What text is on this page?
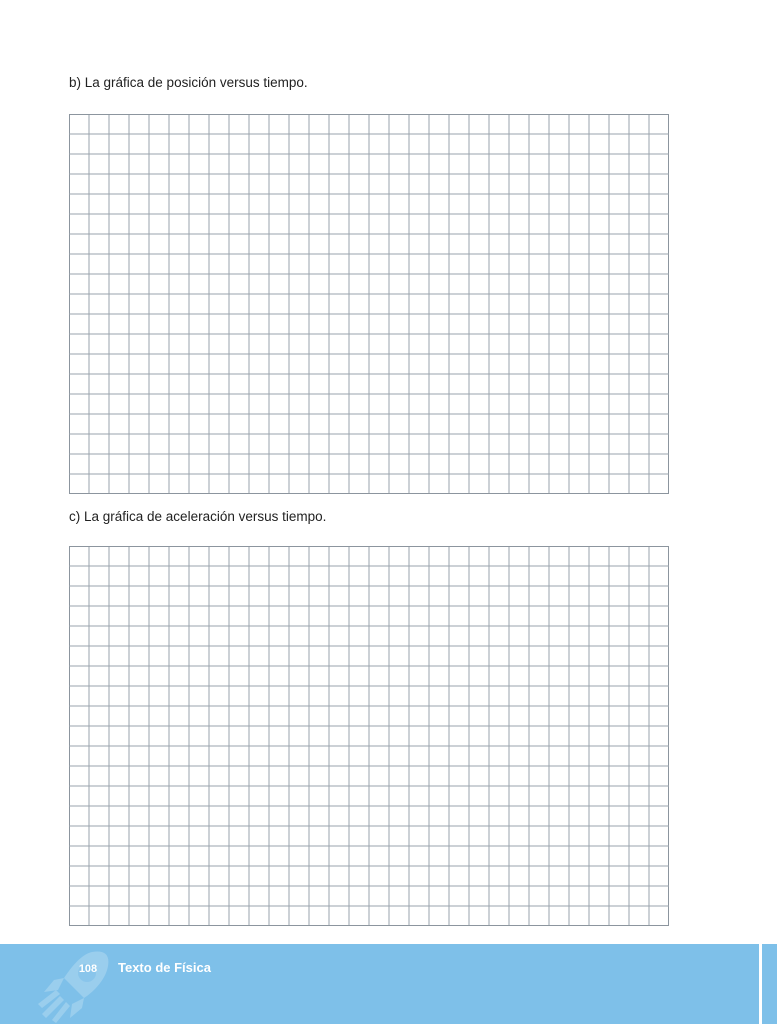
b) La gráfica de posición versus tiempo.
c) La gráfica de aceleración versus tiempo.
108 Texto de Física
